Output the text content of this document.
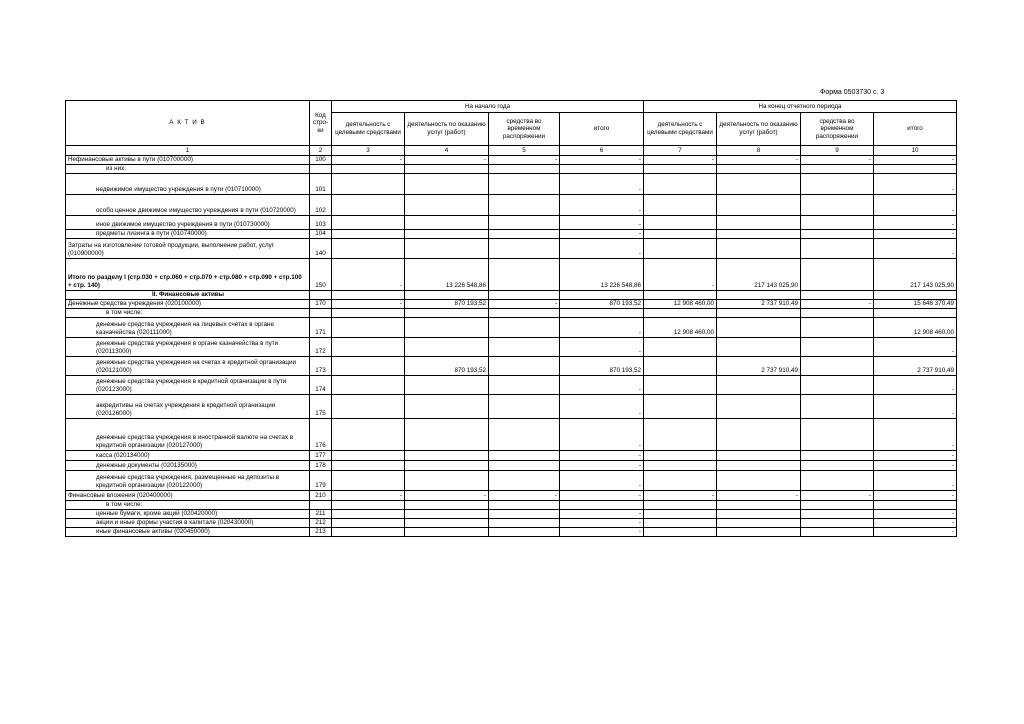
Форма 0503730 с. 3
А К Т И В	Код стро-ки	На начало года				На конец отчетного периода			
		деятельность с целевыми средствами	деятельность по оказанию услуг (работ)	средства во временном распоряжении	итого	деятельность с целевыми средствами	деятельность по оказанию услуг (работ)	средства во временном распоряжении	итого
1	2	3	4	5	6	7	8	9	10
Нефинансовые активы в пути (010700000)	100	-	-	-	-	-	-	-	-
из них:									
недвижимое имущество учреждения в пути (010710000)	101				-				-
особо ценное движимое имущество учреждения в пути (010720000)	102				-				-
иное движимое имущество учреждения в пути (010730000)	103				-				-
предметы лизинга в пути (010740000)	104				-				-
Затраты на изготовление готовой продукции, выполнение работ, услуг (010900000)	140				-				-
Итого по разделу I (стр.030 + стр.060 + стр.070 + стр.080 + стр.090 + стр.100 + стр. 140)	150	-	13 226 548,86		13 226 548,86	-	217 143 025,90		217 143 025,90
II. Финансовые активы									
Денежные средства учреждения (020100000)	170	-	870 193,52	-	870 193,52	12 908 460,00	2 737 910,49	-	15 646 370,49
в том числе:									
денежные средства учреждения на лицевых счетах в органе казначейства (020111000)	171				-	12 908 460,00			12 908 460,00
денежные средства учреждения в органе казначейства в пути (020113000)	172				-				-
денежные средства учреждения на счетах в кредитной организации (020121000)	173		870 193,52		870 193,52		2 737 910,49		2 737 910,49
денежные средства учреждения в кредитной организации в пути (020123000)	174				-				-
аккредитивы на счетах учреждения в кредитной организации (020126000)	175				-				-
денежные средства учреждения в иностранной валюте на счетах в кредитной организации (020127000)	176				-				-
касса (020134000)	177				-				-
денежные документы (020135000)	178				-				-
денежные средства учреждения, размещенные на депозиты в кредитной организации (020122000)	179				-				-
Финансовые вложения (020400000)	210	-	-	-	-	-	-	-	-
в том числе:									
ценные бумаги, кроме акций (020420000)	211				-				-
акции и иные формы участия в капитале (020430000)	212				-				-
иные финансовые активы (020450000)	213				-				-
